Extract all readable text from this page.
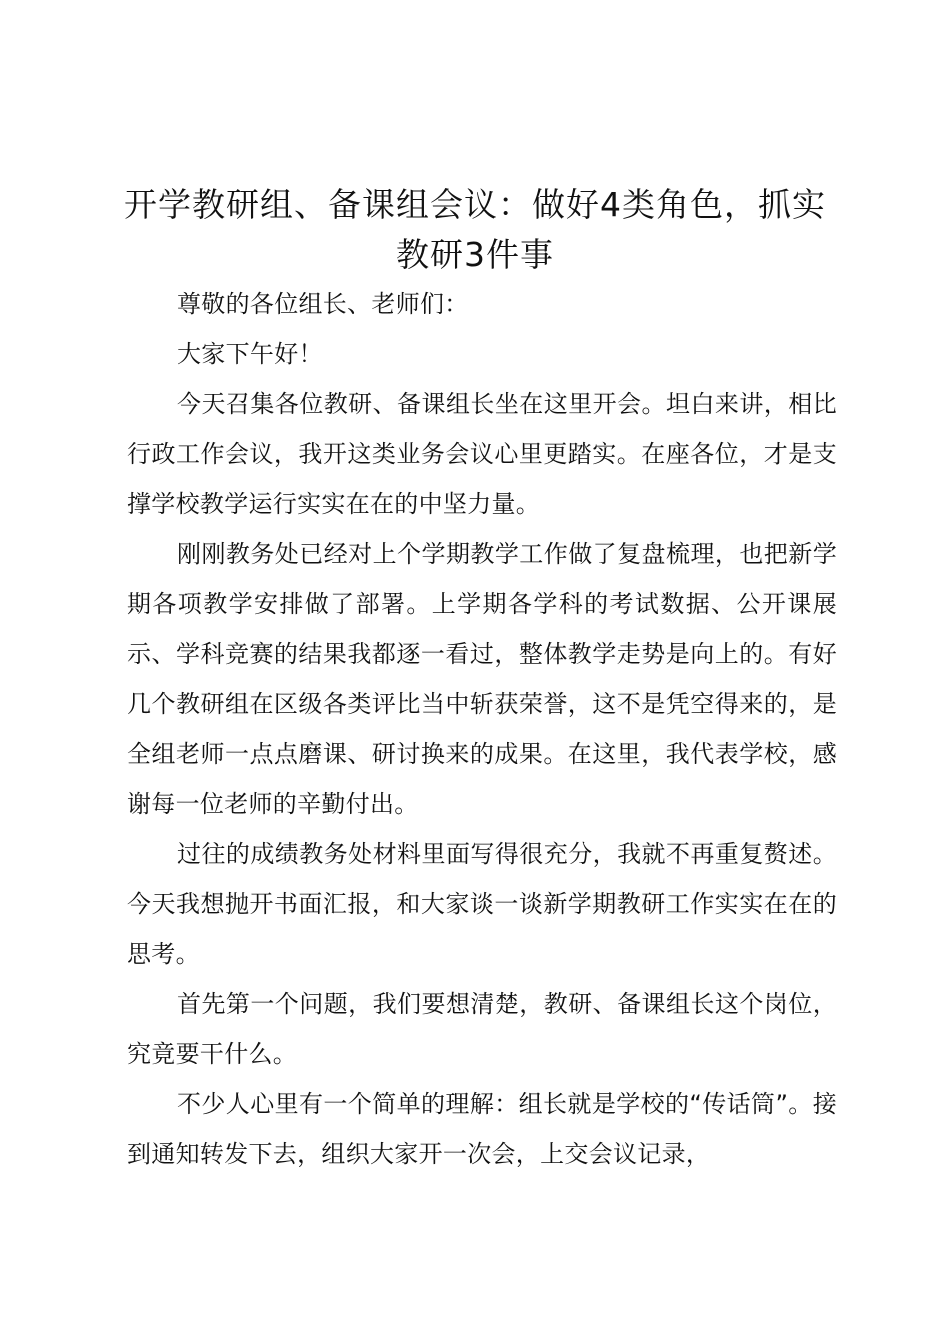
开学教研组、备课组会议：做好4类角色，抓实教研3件事

尊敬的各位组长、老师们：

大家下午好！

今天召集各位教研、备课组长坐在这里开会。坦白来讲，相比行政工作会议，我开这类业务会议心里更踏实。在座各位，才是支撑学校教学运行实实在在的中坚力量。

刚刚教务处已经对上个学期教学工作做了复盘梳理，也把新学期各项教学安排做了部署。上学期各学科的考试数据、公开课展示、学科竞赛的结果我都逐一看过，整体教学走势是向上的。有好几个教研组在区级各类评比当中斩获荣誉，这不是凭空得来的，是全组老师一点点磨课、研讨换来的成果。在这里，我代表学校，感谢每一位老师的辛勤付出。

过往的成绩教务处材料里面写得很充分，我就不再重复赘述。今天我想抛开书面汇报，和大家谈一谈新学期教研工作实实在在的思考。

首先第一个问题，我们要想清楚，教研、备课组长这个岗位，究竟要干什么。

不少人心里有一个简单的理解：组长就是学校的“传话筒”。接到通知转发下去，组织大家开一次会，上交会议记录，
